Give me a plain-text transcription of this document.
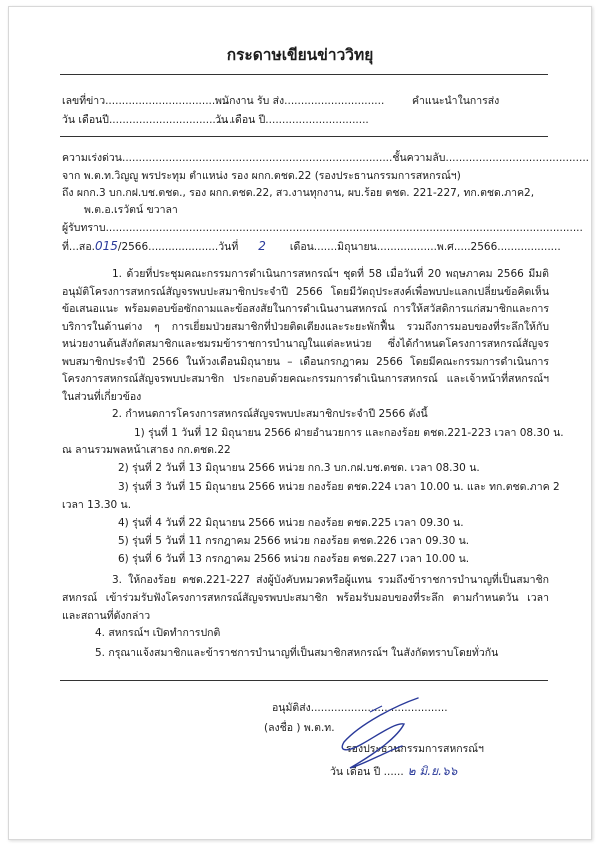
กระดาษเขียนข่าววิทยุ
เลขที่ข่าว.....................................
พนักงาน รับ ส่ง..............................	คำแนะนำในการส่ง
วัน เดือนปี.....................................
วัน เดือน ปี...............................
ความเร่งด่วน.................................................................................ชั้นความลับ...........................................
จาก พ.ต.ท.วิญญู พรประทุม ตำแหน่ง รอง ผกก.ตชด.22 (รองประธานกรรมการสหกรณ์ฯ)
ถึง ผกก.3 บก.กฝ.บช.ตชด., รอง ผกก.ตชด.22, สว.งานทุกงาน, ผบ.ร้อย ตชด. 221-227, ทก.ตชด.ภาค2,
พ.ต.อ.เรวัตน์ ขวาลา
ผู้รับทราบ...............................................................................................................................................
ที่...สอ.015/2566.....................วันที่ 2 เดือน.......มิถุนายน..................พ.ศ.....2566...................
1. ด้วยที่ประชุมคณะกรรมการดำเนินการสหกรณ์ฯ ชุดที่ 58 เมื่อวันที่ 20 พฤษภาคม 2566 มีมติอนุมัติโครงการสหกรณ์สัญจรพบปะสมาชิกประจำปี 2566 โดยมีวัตถุประสงค์เพื่อพบปะแลกเปลี่ยนข้อคิดเห็น ข้อเสนอแนะ พร้อมตอบข้อซักถามและข้อสงสัยในการดำเนินงานสหกรณ์ การให้สวัสดิการแก่สมาชิกและการบริการในด้านต่าง ๆ การเยี่ยมป่วยสมาชิกที่ป่วยติดเตียงและระยะพักฟื้น รวมถึงการมอบของที่ระลึกให้กับหน่วยงานต้นสังกัดสมาชิกและชมรมข้าราชการบำนาญในแต่ละหน่วย ซึ่งได้กำหนดโครงการสหกรณ์สัญจรพบสมาชิกประจำปี 2566 ในห้วงเดือนมิถุนายน – เดือนกรกฎาคม 2566 โดยมีคณะกรรมการดำเนินการโครงการสหกรณ์สัญจรพบปะสมาชิก ประกอบด้วยคณะกรรมการดำเนินการสหกรณ์ และเจ้าหน้าที่สหกรณ์ฯ ในส่วนที่เกี่ยวข้อง
2. กำหนดการโครงการสหกรณ์สัญจรพบปะสมาชิกประจำปี 2566 ดังนี้
1) รุ่นที่ 1 วันที่ 12 มิถุนายน 2566 ฝ่ายอำนวยการ และกองร้อย ตชด.221-223 เวลา 08.30 น.
ณ ลานรวมพลหน้าเสาธง กก.ตชด.22
2) รุ่นที่ 2 วันที่ 13 มิถุนายน 2566 หน่วย กก.3 บก.กฝ.บช.ตชด. เวลา 08.30 น.
3) รุ่นที่ 3 วันที่ 15 มิถุนายน 2566 หน่วย กองร้อย ตชด.224 เวลา 10.00 น. และ ทก.ตชด.ภาค 2
เวลา 13.30 น.
4) รุ่นที่ 4 วันที่ 22 มิถุนายน 2566 หน่วย กองร้อย ตชด.225 เวลา 09.30 น.
5) รุ่นที่ 5 วันที่ 11 กรกฎาคม 2566 หน่วย กองร้อย ตชด.226 เวลา 09.30 น.
6) รุ่นที่ 6 วันที่ 13 กรกฎาคม 2566 หน่วย กองร้อย ตชด.227 เวลา 10.00 น.
3. ให้กองร้อย ตชด.221-227 ส่งผู้บังคับหมวดหรือผู้แทน รวมถึงข้าราชการบำนาญที่เป็นสมาชิกสหกรณ์ เข้าร่วมรับฟังโครงการสหกรณ์สัญจรพบปะสมาชิก พร้อมรับมอบของที่ระลึก ตามกำหนดวัน เวลา และสถานที่ดังกล่าว
4. สหกรณ์ฯ เปิดทำการปกติ
5. กรุณาแจ้งสมาชิกและข้าราชการบำนาญที่เป็นสมาชิกสหกรณ์ฯ ในสังกัดทราบโดยทั่วกัน
อนุมัติส่ง.........................................
(ลงชื่อ ) พ.ต.ท.
รองประธานกรรมการสหกรณ์ฯ
วัน เดือน ปี ...... ๒ มิ.ย.๖๖
